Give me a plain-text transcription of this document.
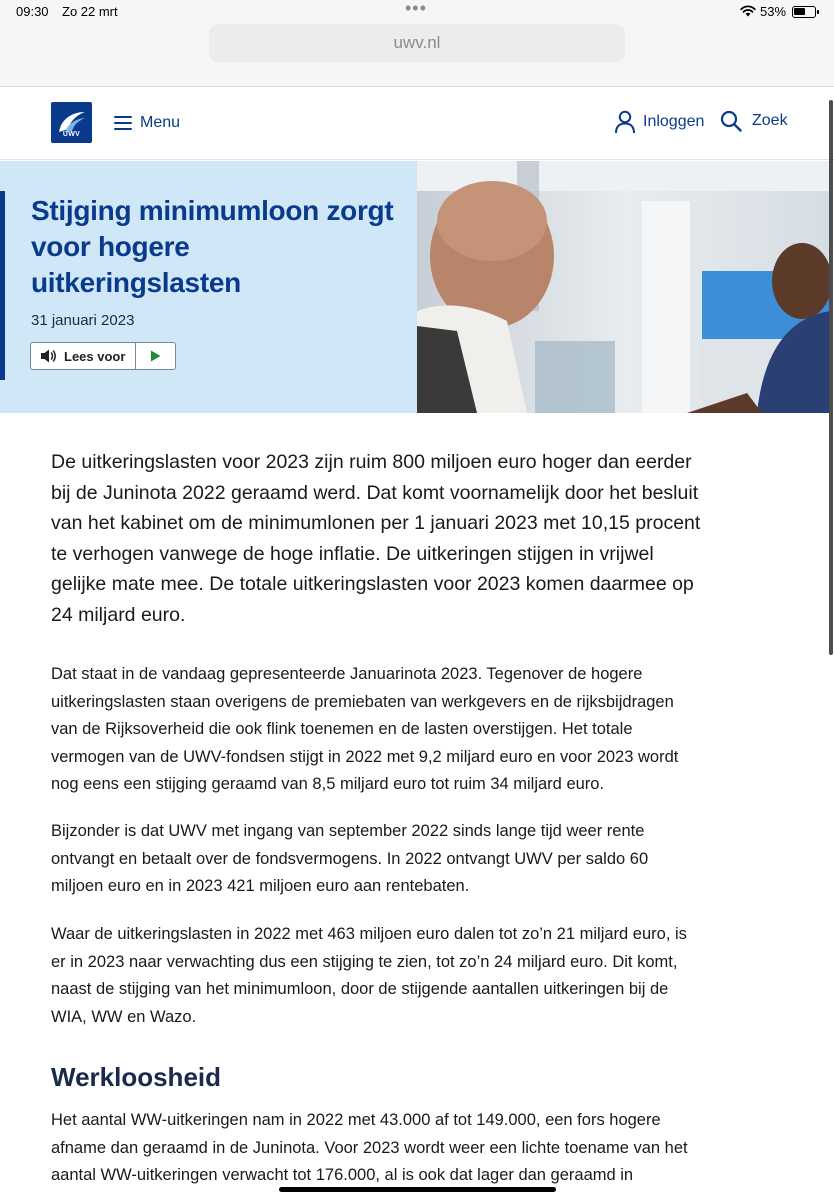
09:30 Zo 22 mrt	•••	53%
uwv.nl
UWV
Menu	Inloggen	Zoek
Stijging minimumloon zorgt voor hogere uitkeringslasten
31 januari 2023
Lees voor

De uitkeringslasten voor 2023 zijn ruim 800 miljoen euro hoger dan eerder bij de Juninota 2022 geraamd werd. Dat komt voornamelijk door het besluit van het kabinet om de minimumlonen per 1 januari 2023 met 10,15 procent te verhogen vanwege de hoge inflatie. De uitkeringen stijgen in vrijwel gelijke mate mee. De totale uitkeringslasten voor 2023 komen daarmee op 24 miljard euro.

Dat staat in de vandaag gepresenteerde Januarinota 2023. Tegenover de hogere uitkeringslasten staan overigens de premiebaten van werkgevers en de rijksbijdragen van de Rijksoverheid die ook flink toenemen en de lasten overstijgen. Het totale vermogen van de UWV-fondsen stijgt in 2022 met 9,2 miljard euro en voor 2023 wordt nog eens een stijging geraamd van 8,5 miljard euro tot ruim 34 miljard euro.

Bijzonder is dat UWV met ingang van september 2022 sinds lange tijd weer rente ontvangt en betaalt over de fondsvermogens. In 2022 ontvangt UWV per saldo 60 miljoen euro en in 2023 421 miljoen euro aan rentebaten.

Waar de uitkeringslasten in 2022 met 463 miljoen euro dalen tot zo’n 21 miljard euro, is er in 2023 naar verwachting dus een stijging te zien, tot zo’n 24 miljard euro. Dit komt, naast de stijging van het minimumloon, door de stijgende aantallen uitkeringen bij de WIA, WW en Wazo.

Werkloosheid

Het aantal WW-uitkeringen nam in 2022 met 43.000 af tot 149.000, een fors hogere afname dan geraamd in de Juninota. Voor 2023 wordt weer een lichte toename van het aantal WW-uitkeringen verwacht tot 176.000, al is ook dat lager dan geraamd in
